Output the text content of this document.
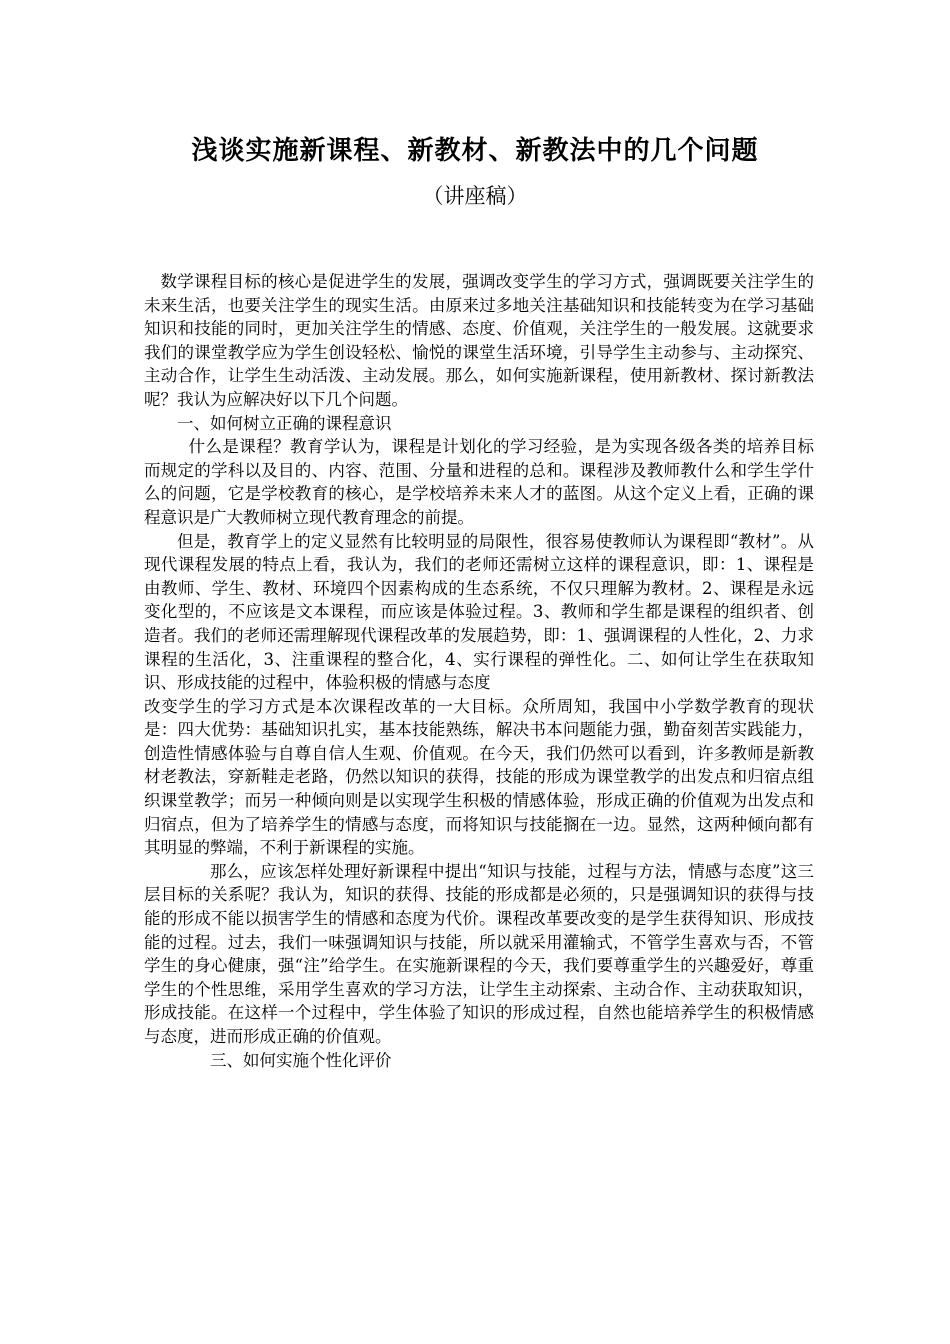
浅谈实施新课程、新教材、新教法中的几个问题
（讲座稿）

数学课程目标的核心是促进学生的发展，强调改变学生的学习方式，强调既要关注学生的未来生活，也要关注学生的现实生活。由原来过多地关注基础知识和技能转变为在学习基础知识和技能的同时，更加关注学生的情感、态度、价值观，关注学生的一般发展。这就要求我们的课堂教学应为学生创设轻松、愉悦的课堂生活环境，引导学生主动参与、主动探究、主动合作，让学生生动活泼、主动发展。那么，如何实施新课程，使用新教材、探讨新教法呢？我认为应解决好以下几个问题。

一、如何树立正确的课程意识

什么是课程？教育学认为，课程是计划化的学习经验，是为实现各级各类的培养目标而规定的学科以及目的、内容、范围、分量和进程的总和。课程涉及教师教什么和学生学什么的问题，它是学校教育的核心，是学校培养未来人才的蓝图。从这个定义上看，正确的课程意识是广大教师树立现代教育理念的前提。

但是，教育学上的定义显然有比较明显的局限性，很容易使教师认为课程即“教材”。从现代课程发展的特点上看，我认为，我们的老师还需树立这样的课程意识，即：1、课程是由教师、学生、教材、环境四个因素构成的生态系统，不仅只理解为教材。2、课程是永远变化型的，不应该是文本课程，而应该是体验过程。3、教师和学生都是课程的组织者、创造者。我们的老师还需理解现代课程改革的发展趋势，即：1、强调课程的人性化，2、力求课程的生活化，3、注重课程的整合化，4、实行课程的弹性化。二、如何让学生在获取知识、形成技能的过程中，体验积极的情感与态度

改变学生的学习方式是本次课程改革的一大目标。众所周知，我国中小学数学教育的现状是：四大优势：基础知识扎实，基本技能熟练，解决书本问题能力强，勤奋刻苦实践能力，创造性情感体验与自尊自信人生观、价值观。在今天，我们仍然可以看到，许多教师是新教材老教法，穿新鞋走老路，仍然以知识的获得，技能的形成为课堂教学的出发点和归宿点组织课堂教学；而另一种倾向则是以实现学生积极的情感体验，形成正确的价值观为出发点和归宿点，但为了培养学生的情感与态度，而将知识与技能搁在一边。显然，这两种倾向都有其明显的弊端，不利于新课程的实施。

那么，应该怎样处理好新课程中提出“知识与技能，过程与方法，情感与态度”这三层目标的关系呢？我认为，知识的获得、技能的形成都是必须的，只是强调知识的获得与技能的形成不能以损害学生的情感和态度为代价。课程改革要改变的是学生获得知识、形成技能的过程。过去，我们一味强调知识与技能，所以就采用灌输式，不管学生喜欢与否，不管学生的身心健康，强“注”给学生。在实施新课程的今天，我们要尊重学生的兴趣爱好，尊重学生的个性思维，采用学生喜欢的学习方法，让学生主动探索、主动合作、主动获取知识，形成技能。在这样一个过程中，学生体验了知识的形成过程，自然也能培养学生的积极情感与态度，进而形成正确的价值观。

三、如何实施个性化评价
